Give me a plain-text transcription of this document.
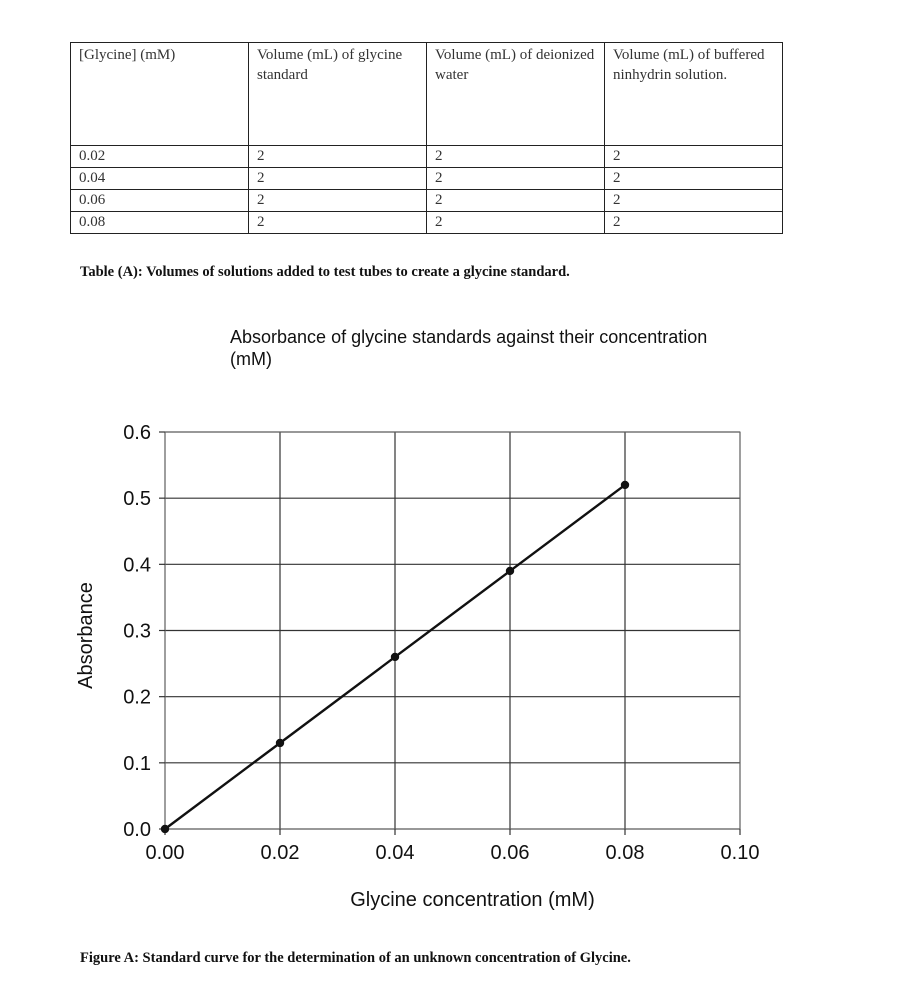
[Glycine] (mM)	Volume (mL) of glycine standard	Volume (mL) of deionized water	Volume (mL) of buffered ninhydrin solution.
0.02	2	2	2
0.04	2	2	2
0.06	2	2	2
0.08	2	2	2
Table (A): Volumes of solutions added to test tubes to create a glycine standard.
Absorbance of glycine standards against their concentration (mM)
0.0
0.1
0.2
0.3
0.4
0.5
0.6
0.00	0.02	0.04	0.06	0.08	0.10
Glycine concentration (mM)
Absorbance
Figure A: Standard curve for the determination of an unknown concentration of Glycine.
